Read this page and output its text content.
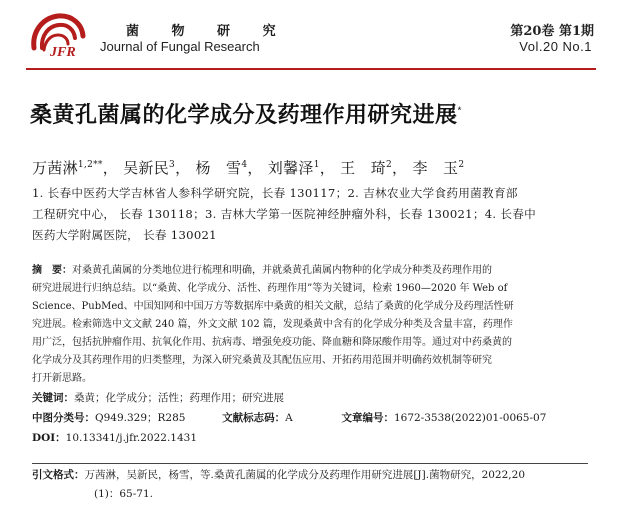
JFR
菌 物 研 究
Journal of Fungal Research
第20卷 第1期
Vol.20 No.1
桑黄孔菌属的化学成分及药理作用研究进展*
万茜淋$^{1,2**}$， 吴新民$^3$， 杨　雪$^4$， 刘馨泽$^1$， 王　琦$^2$， 李　玉$^2$
1. 长春中医药大学吉林省人参科学研究院，长春 130117；2. 吉林农业大学食药用菌教育部
工程研究中心， 长春 130118；3. 吉林大学第一医院神经肿瘤外科，长春 130021；4. 长春中
医药大学附属医院， 长春 130021
摘　要：对桑黄孔菌属的分类地位进行梳理和明确，并就桑黄孔菌属内物种的化学成分种类及药理作用的
研究进展进行归纳总结。以“桑黄、化学成分、活性、药理作用”等为关键词，检索 1960—2020 年 Web of
Science、PubMed、中国知网和中国万方等数据库中桑黄的相关文献，总结了桑黄的化学成分及药理活性研
究进展。检索筛选中文文献 240 篇，外文文献 102 篇，发现桑黄中含有的化学成分种类及含量丰富，药理作
用广泛，包括抗肿瘤作用、抗氧化作用、抗病毒、增强免疫功能、降血糖和降尿酸作用等。通过对中药桑黄的
化学成分及其药理作用的归类整理，为深入研究桑黄及其配伍应用、开拓药用范围并明确药效机制等研究
打开新思路。
关键词：桑黄；化学成分；活性；药理作用；研究进展
中图分类号：Q949.329；R285	文献标志码：A	文章编号：1672-3538(2022)01-0065-07
DOI：10.13341/j.jfr.2022.1431
引文格式：万茜淋，吴新民，杨雪，等.桑黄孔菌属的化学成分及药理作用研究进展[J].菌物研究，2022,20
(1)：65-71.
